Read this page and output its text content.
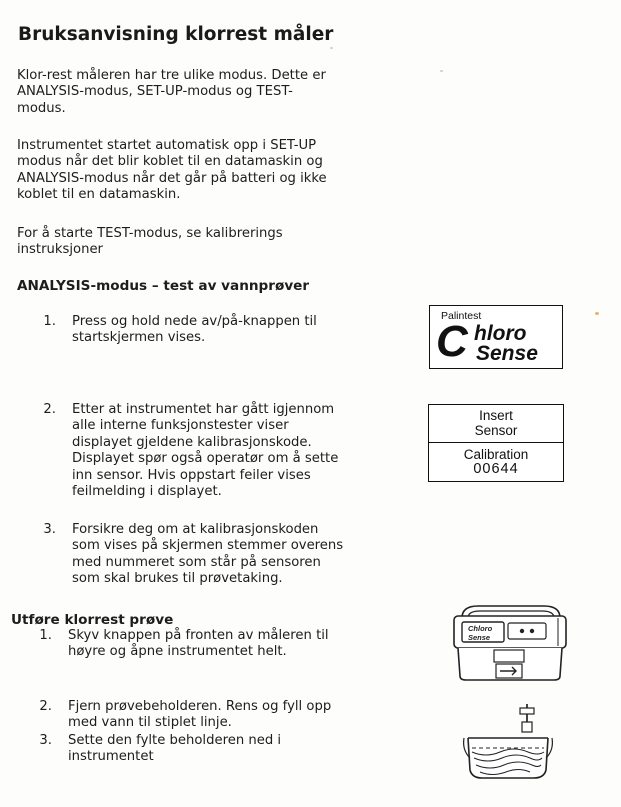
Bruksanvisning klorrest måler
Klor-rest måleren har tre ulike modus. Dette er
ANALYSIS-modus, SET-UP-modus og TEST-
modus.
Instrumentet startet automatisk opp i SET-UP
modus når det blir koblet til en datamaskin og
ANALYSIS-modus når det går på batteri og ikke
koblet til en datamaskin.
For å starte TEST-modus, se kalibrerings
instruksjoner
ANALYSIS-modus – test av vannprøver
1. Press og hold nede av/på-knappen til
startskjermen vises.
2. Etter at instrumentet har gått igjennom
alle interne funksjonstester viser
displayet gjeldene kalibrasjonskode.
Displayet spør også operatør om å sette
inn sensor. Hvis oppstart feiler vises
feilmelding i displayet.
3. Forsikre deg om at kalibrasjonskoden
som vises på skjermen stemmer overens
med nummeret som står på sensoren
som skal brukes til prøvetaking.
Palintest
C hloro
Sense
Insert
Sensor
Calibration
00644
Utføre klorrest prøve
1. Skyv knappen på fronten av måleren til
høyre og åpne instrumentet helt.
2. Fjern prøvebeholderen. Rens og fyll opp
med vann til stiplet linje.
3. Sette den fylte beholderen ned i
instrumentet
Chloro
Sense
